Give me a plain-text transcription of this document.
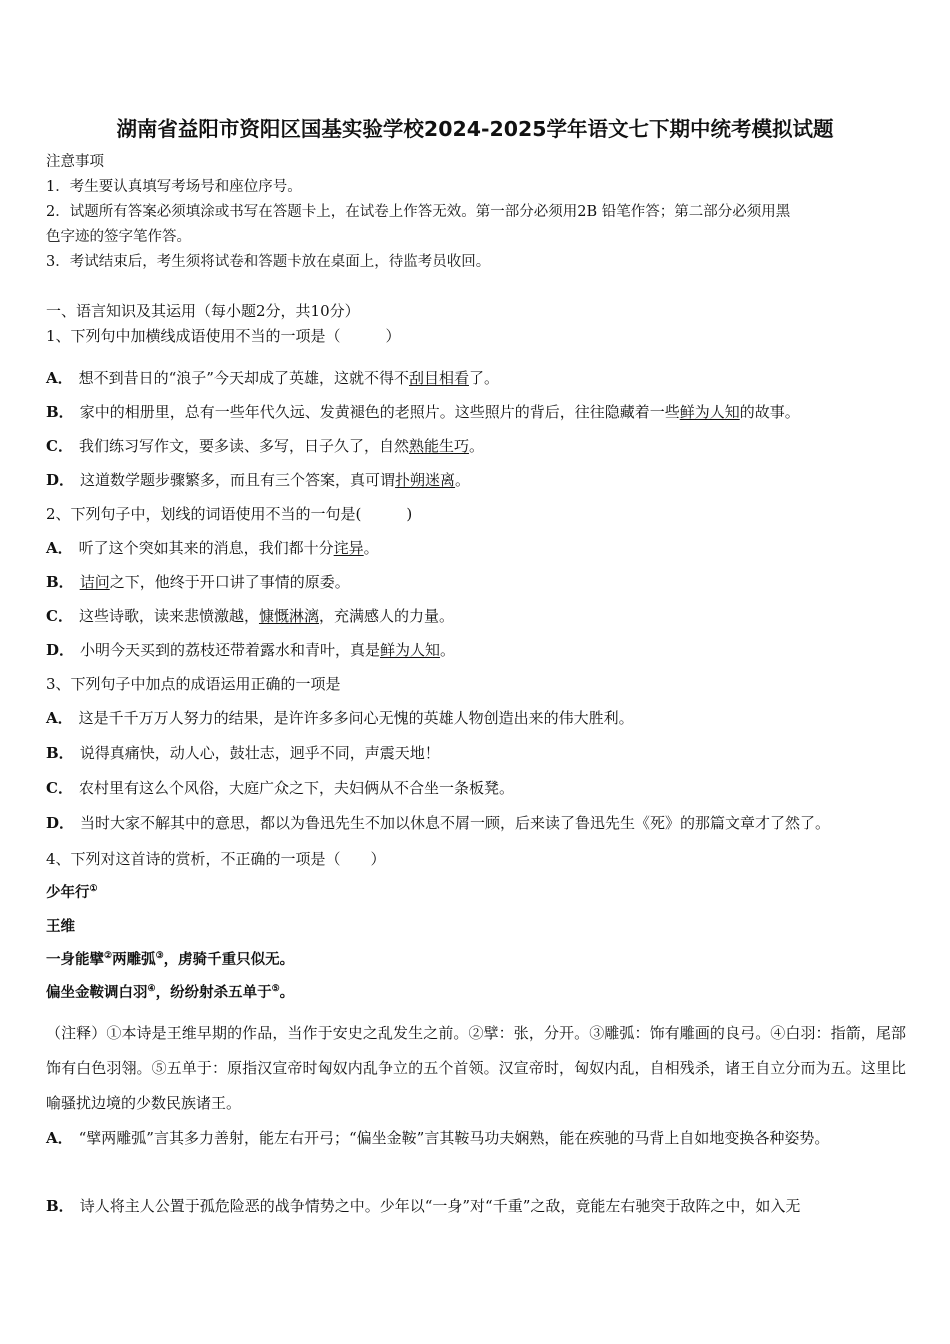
湖南省益阳市资阳区国基实验学校2024-2025学年语文七下期中统考模拟试题
注意事项
1．考生要认真填写考场号和座位序号。
2．试题所有答案必须填涂或书写在答题卡上，在试卷上作答无效。第一部分必须用2B 铅笔作答；第二部分必须用黑
色字迹的签字笔作答。
3．考试结束后，考生须将试卷和答题卡放在桌面上，待监考员收回。
一、语言知识及其运用（每小题2分，共10分）
1、下列句中加横线成语使用不当的一项是（　　　）
A． 想不到昔日的“浪子”今天却成了英雄，这就不得不刮目相看了。
B． 家中的相册里，总有一些年代久远、发黄褪色的老照片。这些照片的背后，往往隐藏着一些鲜为人知的故事。
C． 我们练习写作文，要多读、多写，日子久了，自然熟能生巧。
D． 这道数学题步骤繁多，而且有三个答案，真可谓扑朔迷离。
2、下列句子中，划线的词语使用不当的一句是(　　　)
A． 听了这个突如其来的消息，我们都十分诧异。
B． 诘问之下，他终于开口讲了事情的原委。
C． 这些诗歌，读来悲愤激越，慷慨淋漓，充满感人的力量。
D． 小明今天买到的荔枝还带着露水和青叶，真是鲜为人知。
3、下列句子中加点的成语运用正确的一项是
A． 这是千千万万人努力的结果，是许许多多问心无愧的英雄人物创造出来的伟大胜利。
B． 说得真痛快，动人心，鼓壮志，迥乎不同，声震天地！
C． 农村里有这么个风俗，大庭广众之下，夫妇俩从不合坐一条板凳。
D． 当时大家不解其中的意思，都以为鲁迅先生不加以休息不屑一顾，后来读了鲁迅先生《死》的那篇文章才了然了。
4、下列对这首诗的赏析，不正确的一项是（　　）
少年行①
王维
一身能擘②两雕弧③，虏骑千重只似无。
偏坐金鞍调白羽④，纷纷射杀五单于⑤。
（注释）①本诗是王维早期的作品，当作于安史之乱发生之前。②擘：张，分开。③雕弧：饰有雕画的良弓。④白羽：指箭，尾部饰有白色羽翎。⑤五单于：原指汉宣帝时匈奴内乱争立的五个首领。汉宣帝时，匈奴内乱，自相残杀，诸王自立分而为五。这里比喻骚扰边境的少数民族诸王。
A． “擘两雕弧”言其多力善射，能左右开弓；“偏坐金鞍”言其鞍马功夫娴熟，能在疾驰的马背上自如地变换各种姿势。
B． 诗人将主人公置于孤危险恶的战争情势之中。少年以“一身”对“千重”之敌，竟能左右驰突于敌阵之中，如入无
